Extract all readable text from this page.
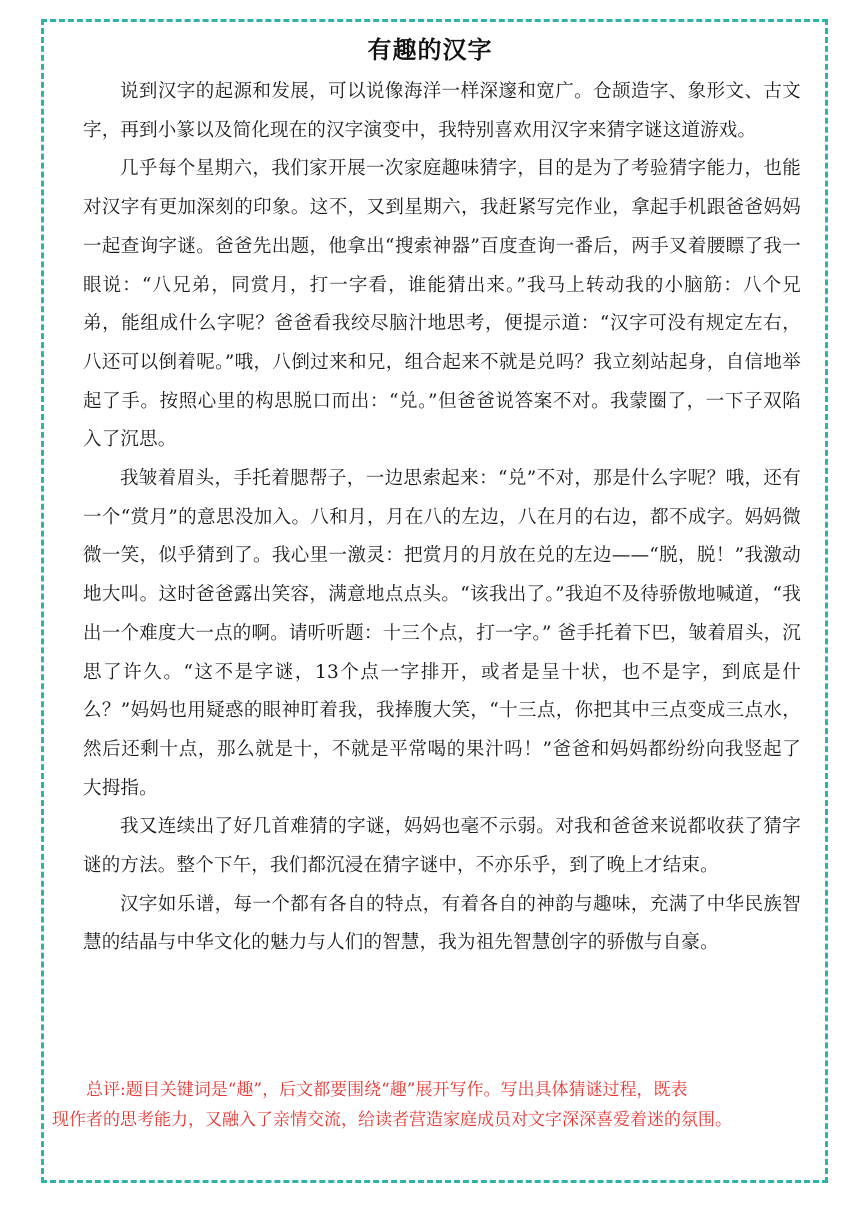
有趣的汉字

说到汉字的起源和发展，可以说像海洋一样深邃和宽广。仓颉造字、象形文、古文字，再到小篆以及简化现在的汉字演变中，我特别喜欢用汉字来猜字谜这道游戏。

几乎每个星期六，我们家开展一次家庭趣味猜字，目的是为了考验猜字能力，也能对汉字有更加深刻的印象。这不，又到星期六，我赶紧写完作业，拿起手机跟爸爸妈妈一起查询字谜。爸爸先出题，他拿出“搜索神器”百度查询一番后，两手叉着腰瞟了我一眼说：“八兄弟，同赏月，打一字看，谁能猜出来。”我马上转动我的小脑筋：八个兄弟，能组成什么字呢？爸爸看我绞尽脑汁地思考，便提示道：“汉字可没有规定左右，八还可以倒着呢。”哦，八倒过来和兄，组合起来不就是兑吗？我立刻站起身，自信地举起了手。按照心里的构思脱口而出：“兑。”但爸爸说答案不对。我蒙圈了，一下子双陷入了沉思。

我皱着眉头，手托着腮帮子，一边思索起来：“兑”不对，那是什么字呢？哦，还有一个“赏月”的意思没加入。八和月，月在八的左边，八在月的右边，都不成字。妈妈微微一笑，似乎猜到了。我心里一激灵：把赏月的月放在兑的左边——“脱，脱！”我激动地大叫。这时爸爸露出笑容，满意地点点头。“该我出了。”我迫不及待骄傲地喊道，“我出一个难度大一点的啊。请听听题：十三个点，打一字。” 爸手托着下巴，皱着眉头，沉思了许久。“这不是字谜，13个点一字排开，或者是呈十状，也不是字，到底是什么？”妈妈也用疑惑的眼神盯着我，我捧腹大笑，“十三点，你把其中三点变成三点水，然后还剩十点，那么就是十，不就是平常喝的果汁吗！”爸爸和妈妈都纷纷向我竖起了大拇指。

我又连续出了好几首难猜的字谜，妈妈也毫不示弱。对我和爸爸来说都收获了猜字谜的方法。整个下午，我们都沉浸在猜字谜中，不亦乐乎，到了晚上才结束。

汉字如乐谱，每一个都有各自的特点，有着各自的神韵与趣味，充满了中华民族智慧的结晶与中华文化的魅力与人们的智慧，我为祖先智慧创字的骄傲与自豪。

总评:题目关键词是“趣”，后文都要围绕“趣”展开写作。写出具体猜谜过程，既表
现作者的思考能力，又融入了亲情交流，给读者营造家庭成员对文字深深喜爱着迷的氛围。
